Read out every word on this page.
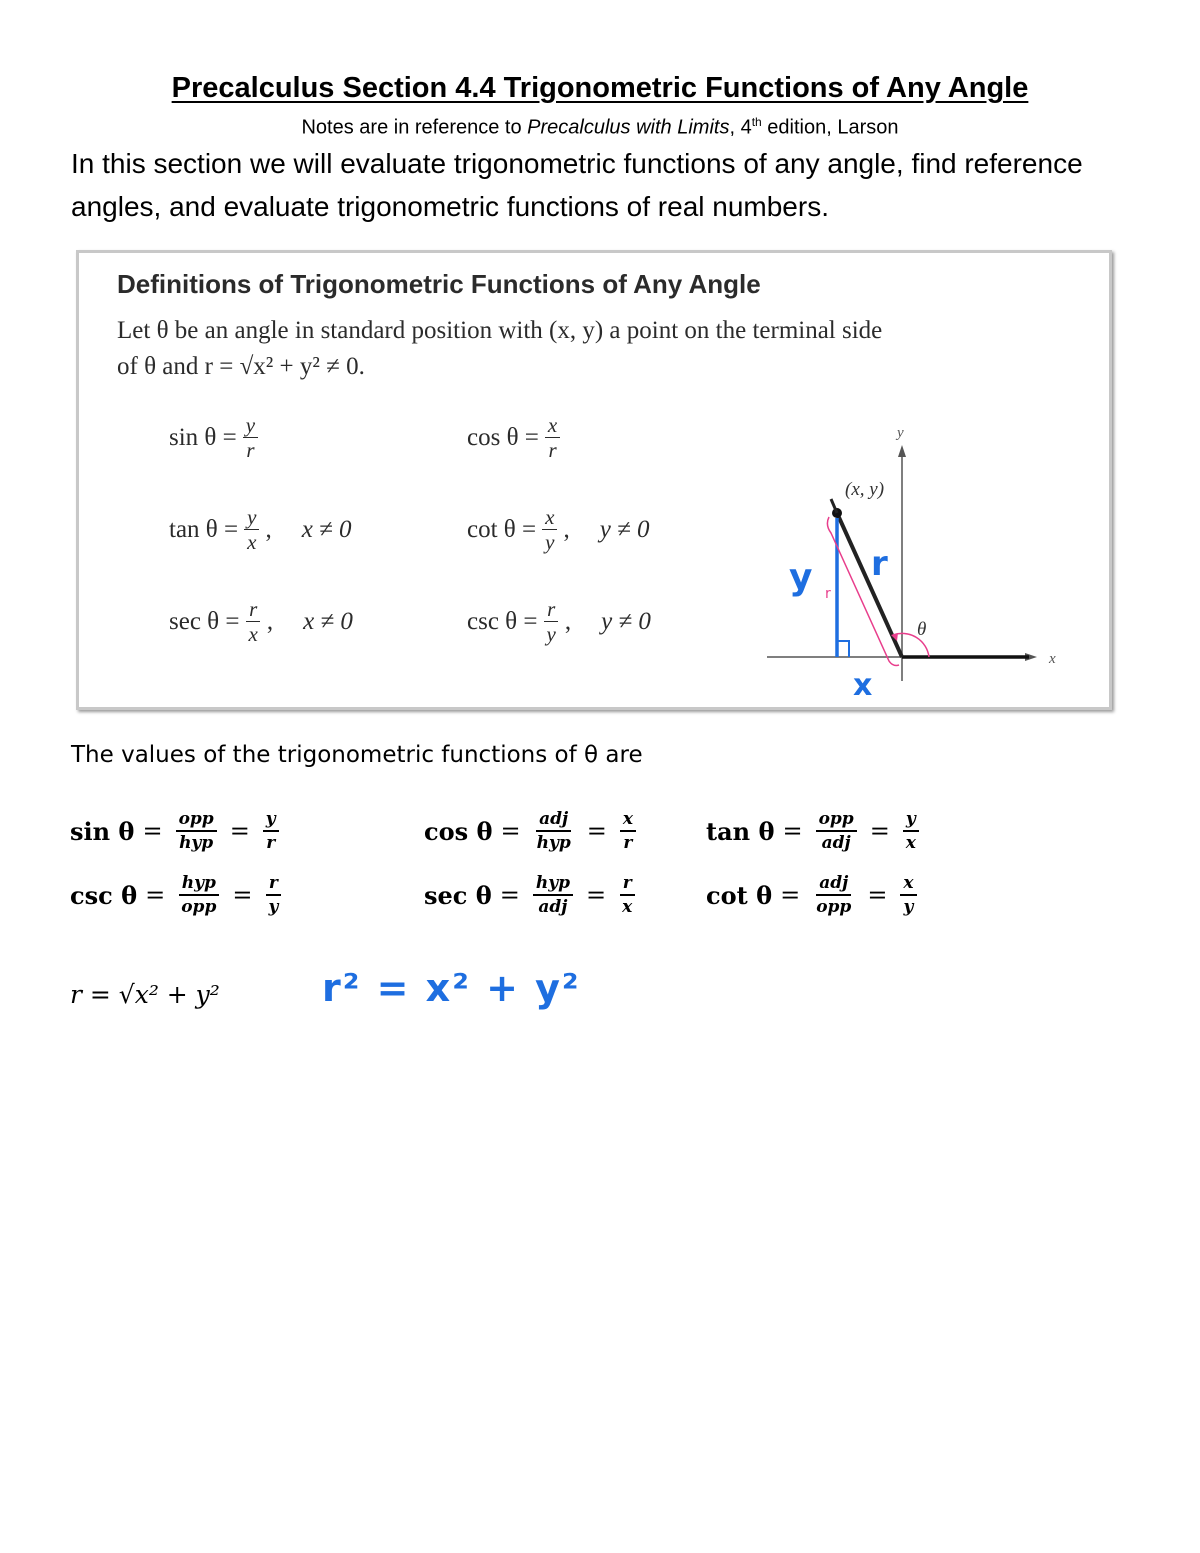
Precalculus Section 4.4 Trigonometric Functions of Any Angle
Notes are in reference to Precalculus with Limits, 4th edition, Larson
In this section we will evaluate trigonometric functions of any angle, find reference angles, and evaluate trigonometric functions of real numbers.
Definitions of Trigonometric Functions of Any Angle
Let θ be an angle in standard position with (x, y) a point on the terminal side
of θ and r = √x² + y² ≠ 0.
$\sin \theta = \frac{y}{r}$	$\cos \theta = \frac{x}{r}$
$\tan \theta = \frac{y}{x}$ , x ≠ 0	$\cot \theta = \frac{x}{y}$ , y ≠ 0
$\sec \theta = \frac{r}{x}$ , x ≠ 0	$\csc \theta = \frac{r}{y}$ , y ≠ 0
y
x
(x, y)
θ
r
y r
x
The values of the trigonometric functions of θ are
$\sin \theta = \frac{\text{opp}}{\text{hyp}} = \frac{y}{r}$	$\cos \theta = \frac{\text{adj}}{\text{hyp}} = \frac{x}{r}$	$\tan \theta = \frac{\text{opp}}{\text{adj}} = \frac{y}{x}$
$\csc \theta = \frac{\text{hyp}}{\text{opp}} = \frac{r}{y}$	$\sec \theta = \frac{\text{hyp}}{\text{adj}} = \frac{r}{x}$	$\cot \theta = \frac{\text{adj}}{\text{opp}} = \frac{x}{y}$
r = √x² + y²	r² = x² + y²
